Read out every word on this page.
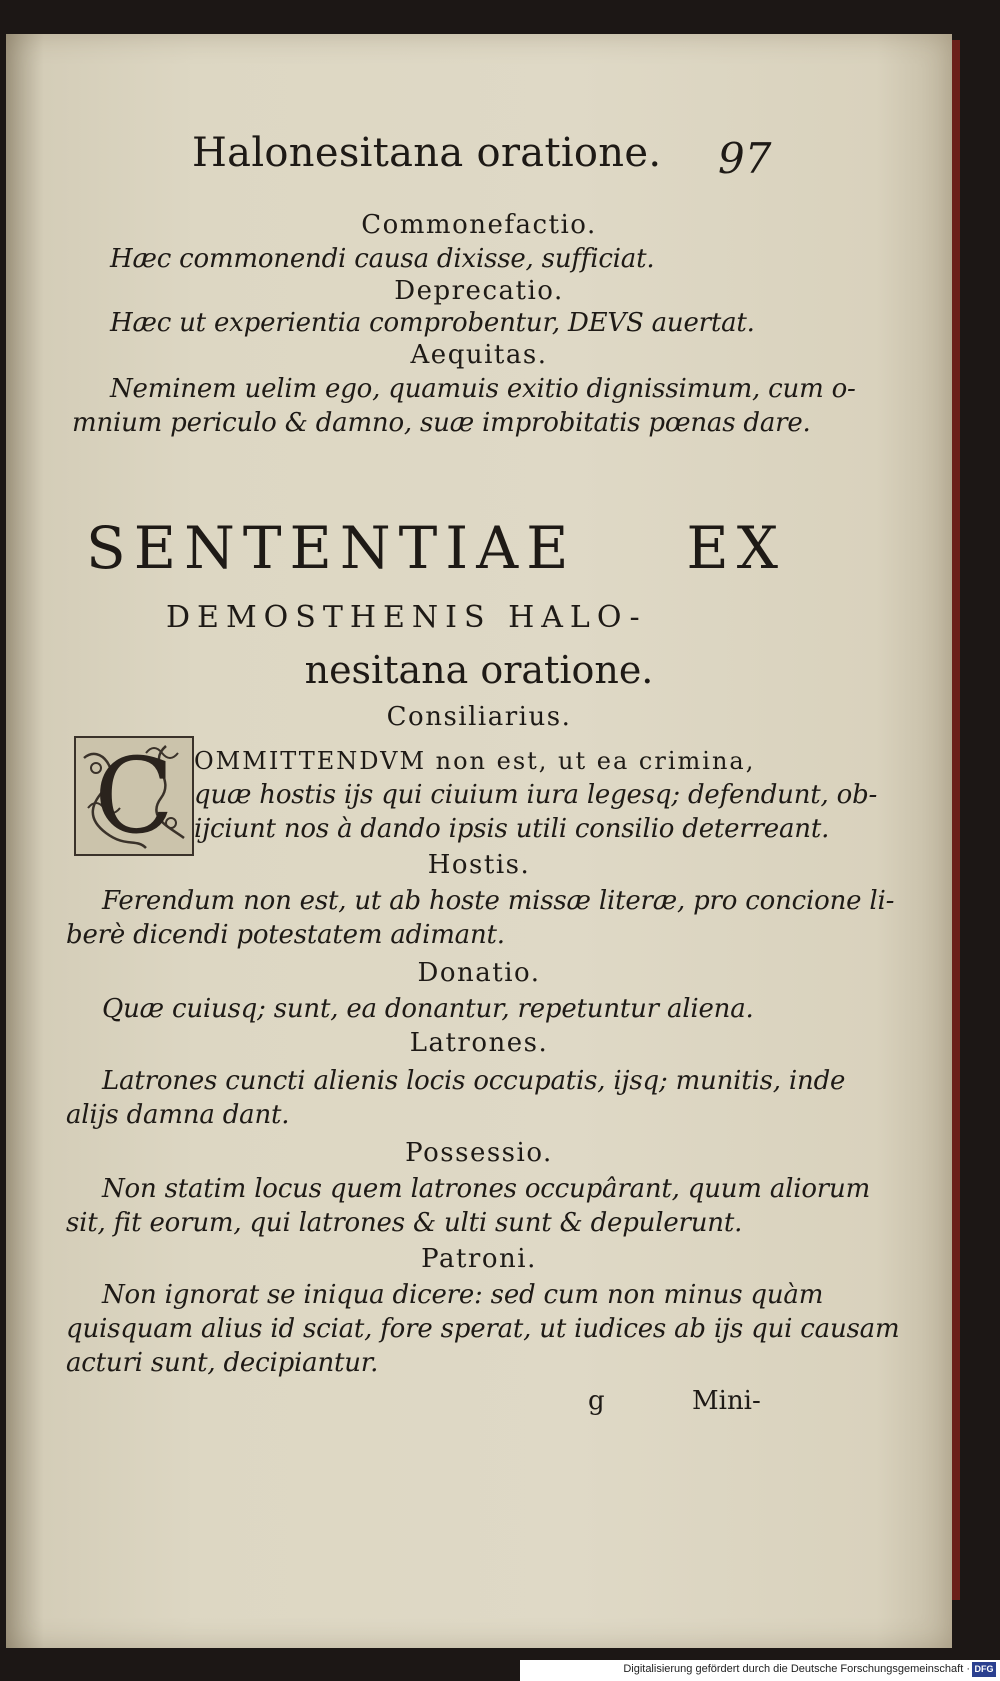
Halonesitana oratione. 97
Commonefactio.
Hæc commonendi causa dixisse, sufficiat.
Deprecatio.
Hæc ut experientia comprobentur, DEVS auertat.
Aequitas.
Neminem uelim ego, quamuis exitio dignissimum, cum o-
mnium periculo & damno, suæ improbitatis pœnas dare.
SENTENTIAE EX
DEMOSTHENIS HALO-
nesitana oratione.
Consiliarius.
C OMMITTENDVM non est, ut ea crimina,
quæ hostis ijs qui ciuium iura legesq; defendunt, ob-
ijciunt nos à dando ipsis utili consilio deterreant.
Hostis.
Ferendum non est, ut ab hoste missæ literæ, pro concione li-
berè dicendi potestatem adimant.
Donatio.
Quæ cuiusq; sunt, ea donantur, repetuntur aliena.
Latrones.
Latrones cuncti alienis locis occupatis, ijsq; munitis, inde
alijs damna dant.
Possessio.
Non statim locus quem latrones occupârant, quum aliorum
sit, fit eorum, qui latrones & ulti sunt & depulerunt.
Patroni.
Non ignorat se iniqua dicere: sed cum non minus quàm
quisquam alius id sciat, fore sperat, ut iudices ab ijs qui causam
acturi sunt, decipiantur.
g	Mini-
Digitalisierung gefördert durch die Deutsche Forschungsgemeinschaft · DFG
